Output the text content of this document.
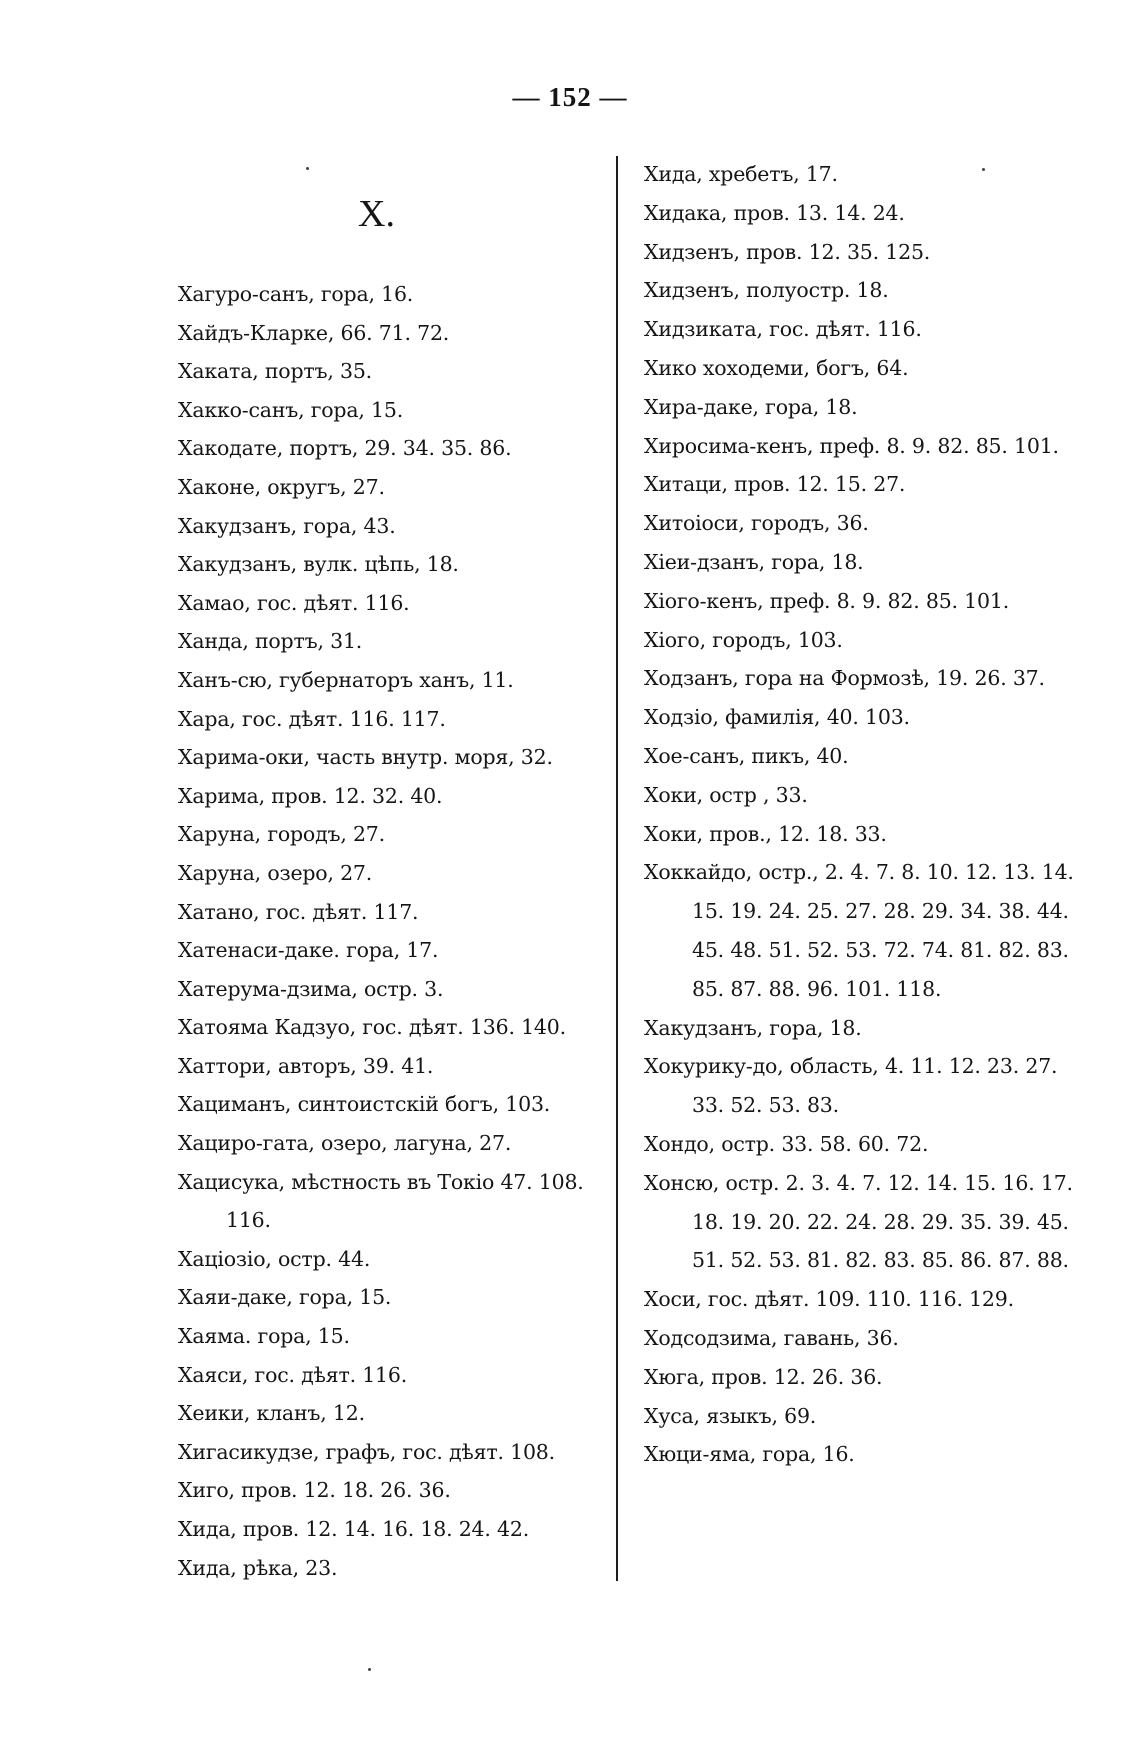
— 152 —
X.
Хагуро-санъ, гора, 16.
Хайдъ-Кларке, 66. 71. 72.
Хаката, портъ, 35.
Хакко-санъ, гора, 15.
Хакодате, портъ, 29. 34. 35. 86.
Хаконе, округъ, 27.
Хакудзанъ, гора, 43.
Хакудзанъ, вулк. цѣпь, 18.
Хамао, гос. дѣят. 116.
Ханда, портъ, 31.
Ханъ-сю, губернаторъ ханъ, 11.
Хара, гос. дѣят. 116. 117.
Харима-оки, часть внутр. моря, 32.
Харима, пров. 12. 32. 40.
Харуна, городъ, 27.
Харуна, озеро, 27.
Хатано, гос. дѣят. 117.
Хатенаси-даке. гора, 17.
Хатерума-дзима, остр. 3.
Хатояма Кадзуо, гос. дѣят. 136. 140.
Хаттори, авторъ, 39. 41.
Хациманъ, синтоистскій богъ, 103.
Хациро-гата, озеро, лагуна, 27.
Хацисука, мѣстность въ Токіо 47. 108. 116.
Хаціозіо, остр. 44.
Хаяи-даке, гора, 15.
Хаяма. гора, 15.
Хаяси, гос. дѣят. 116.
Хеики, кланъ, 12.
Хигасикудзе, графъ, гос. дѣят. 108.
Хиго, пров. 12. 18. 26. 36.
Хида, пров. 12. 14. 16. 18. 24. 42.
Хида, рѣка, 23.
Хида, хребетъ, 17.
Хидака, пров. 13. 14. 24.
Хидзенъ, пров. 12. 35. 125.
Хидзенъ, полуостр. 18.
Хидзиката, гос. дѣят. 116.
Хико хоходеми, богъ, 64.
Хира-даке, гора, 18.
Хиросима-кенъ, преф. 8. 9. 82. 85. 101.
Хитаци, пров. 12. 15. 27.
Хитоіоси, городъ, 36.
Хіеи-дзанъ, гора, 18.
Хіого-кенъ, преф. 8. 9. 82. 85. 101.
Хіого, городъ, 103.
Ходзанъ, гора на Формозѣ, 19. 26. 37.
Ходзіо, фамилія, 40. 103.
Хое-санъ, пикъ, 40.
Хоки, остр , 33.
Хоки, пров., 12. 18. 33.
Хоккайдо, остр., 2. 4. 7. 8. 10. 12. 13. 14. 15. 19. 24. 25. 27. 28. 29. 34. 38. 44. 45. 48. 51. 52. 53. 72. 74. 81. 82. 83. 85. 87. 88. 96. 101. 118.
Хакудзанъ, гора, 18.
Хокурику-до, область, 4. 11. 12. 23. 27. 33. 52. 53. 83.
Хондо, остр. 33. 58. 60. 72.
Хонсю, остр. 2. 3. 4. 7. 12. 14. 15. 16. 17. 18. 19. 20. 22. 24. 28. 29. 35. 39. 45. 51. 52. 53. 81. 82. 83. 85. 86. 87. 88.
Хоси, гос. дѣят. 109. 110. 116. 129.
Ходсодзима, гавань, 36.
Хюга, пров. 12. 26. 36.
Хуса, языкъ, 69.
Хюци-яма, гора, 16.
